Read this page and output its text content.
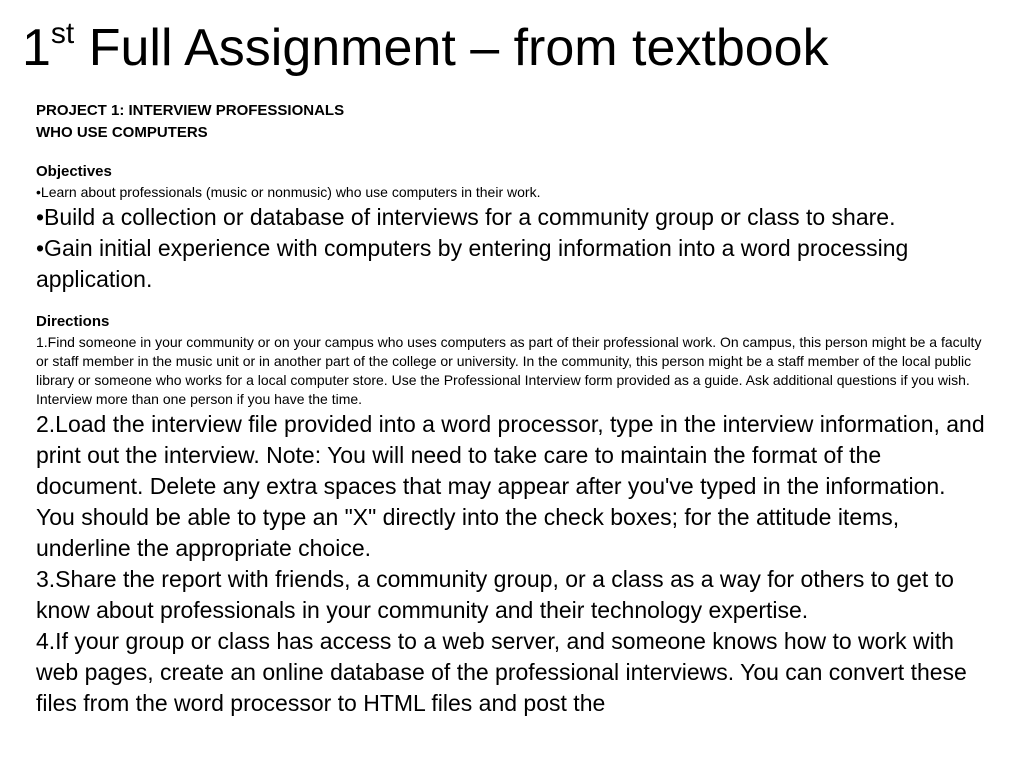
1st Full Assignment – from textbook

PROJECT 1: INTERVIEW PROFESSIONALS

WHO USE COMPUTERS

Objectives

•Learn about professionals (music or nonmusic) who use computers in their work.

•Build a collection or database of interviews for a community group or class to share.

•Gain initial experience with computers by entering information into a word processing application.

Directions

1.Find someone in your community or on your campus who uses computers as part of their professional work. On campus, this person might be a faculty or staff member in the music unit or in another part of the college or university. In the community, this person might be a staff member of the local public library or someone who works for a local computer store. Use the Professional Interview form provided as a guide. Ask additional questions if you wish. Interview more than one person if you have the time.

2.Load the interview file provided into a word processor, type in the interview information, and print out the interview. Note: You will need to take care to maintain the format of the document. Delete any extra spaces that may appear after you've typed in the information. You should be able to type an "X" directly into the check boxes; for the attitude items, underline the appropriate choice.

3.Share the report with friends, a community group, or a class as a way for others to get to know about professionals in your community and their technology expertise.

4.If your group or class has access to a web server, and someone knows how to work with web pages, create an online database of the professional interviews. You can convert these files from the word processor to HTML files and post the
